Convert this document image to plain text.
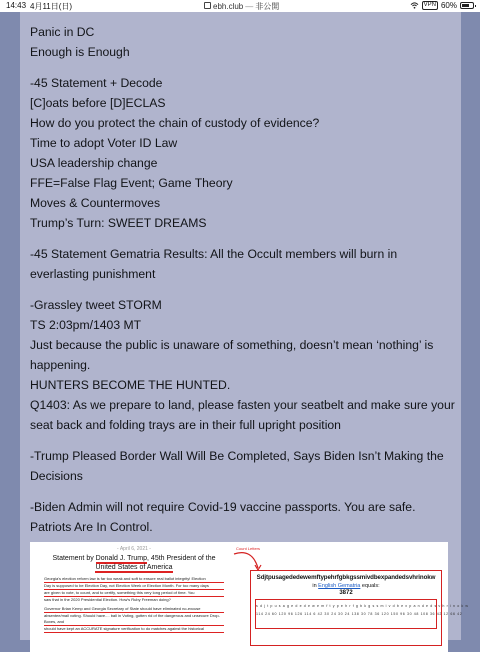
14:43 4月11日(日)	ebh.club — 非公開	VPN 60%

Panic in DC
Enough is Enough

-45 Statement + Decode
[C]oats before [D]ECLAS
How do you protect the chain of custody of evidence?
Time to adopt Voter ID Law
USA leadership change
FFE=False Flag Event; Game Theory
Moves & Countermoves
Trump’s Turn: SWEET DREAMS

-45 Statement Gematria Results: All the Occult members will burn in everlasting punishment

-Grassley tweet STORM
TS 2:03pm/1403 MT
Just because the public is unaware of something, doesn’t mean ‘nothing’ is happening.
HUNTERS BECOME THE HUNTED.
Q1403: As we prepare to land, please fasten your seatbelt and make sure your seat back and folding trays are in their full upright position

-Trump Pleased Border Wall Will Be Completed, Says Biden Isn’t Making the Decisions

-Biden Admin will not require Covid-19 vaccine passports. You are safe.
Patriots Are In Control.

- April 6, 2021 -
Statement by Donald J. Trump, 45th President of the
United States of America
Georgia's election reform law is far too weak and soft to ensure real ballot integrity! Election
Day is supposed to be Election Day, not Election Week or Election Month. For too many days
are given to vote, to count, and to certify, something this very long period of time. You
saw that in the 2020 Presidential Election. How's Ruby Freeman doing?
Governor Brian Kemp and Georgia Secretary of State should have eliminated no-excuse
absentee/mail voting. Should have.... ball in Voting, gotten rid of the dangerous and unsecure Drop-Boxes, and
should have kept an ACCURATE signature verification to do matches against the historical
Count Letters
Sdjtpusagededewemftypehrfgbkgssmivdbexpandedsvhrinokw
in English Gematria equals:
3872
s d j t p u s a g e d e d e w e m f t y p e h r f g b k g s s m i v d b e x p a n d e d s v h r i n o k w
114 24 60 120 96 126 114 6 42 30 24 30 24 138 30 78 36 120 150 96 30 48 108 36 42 12 66 42
